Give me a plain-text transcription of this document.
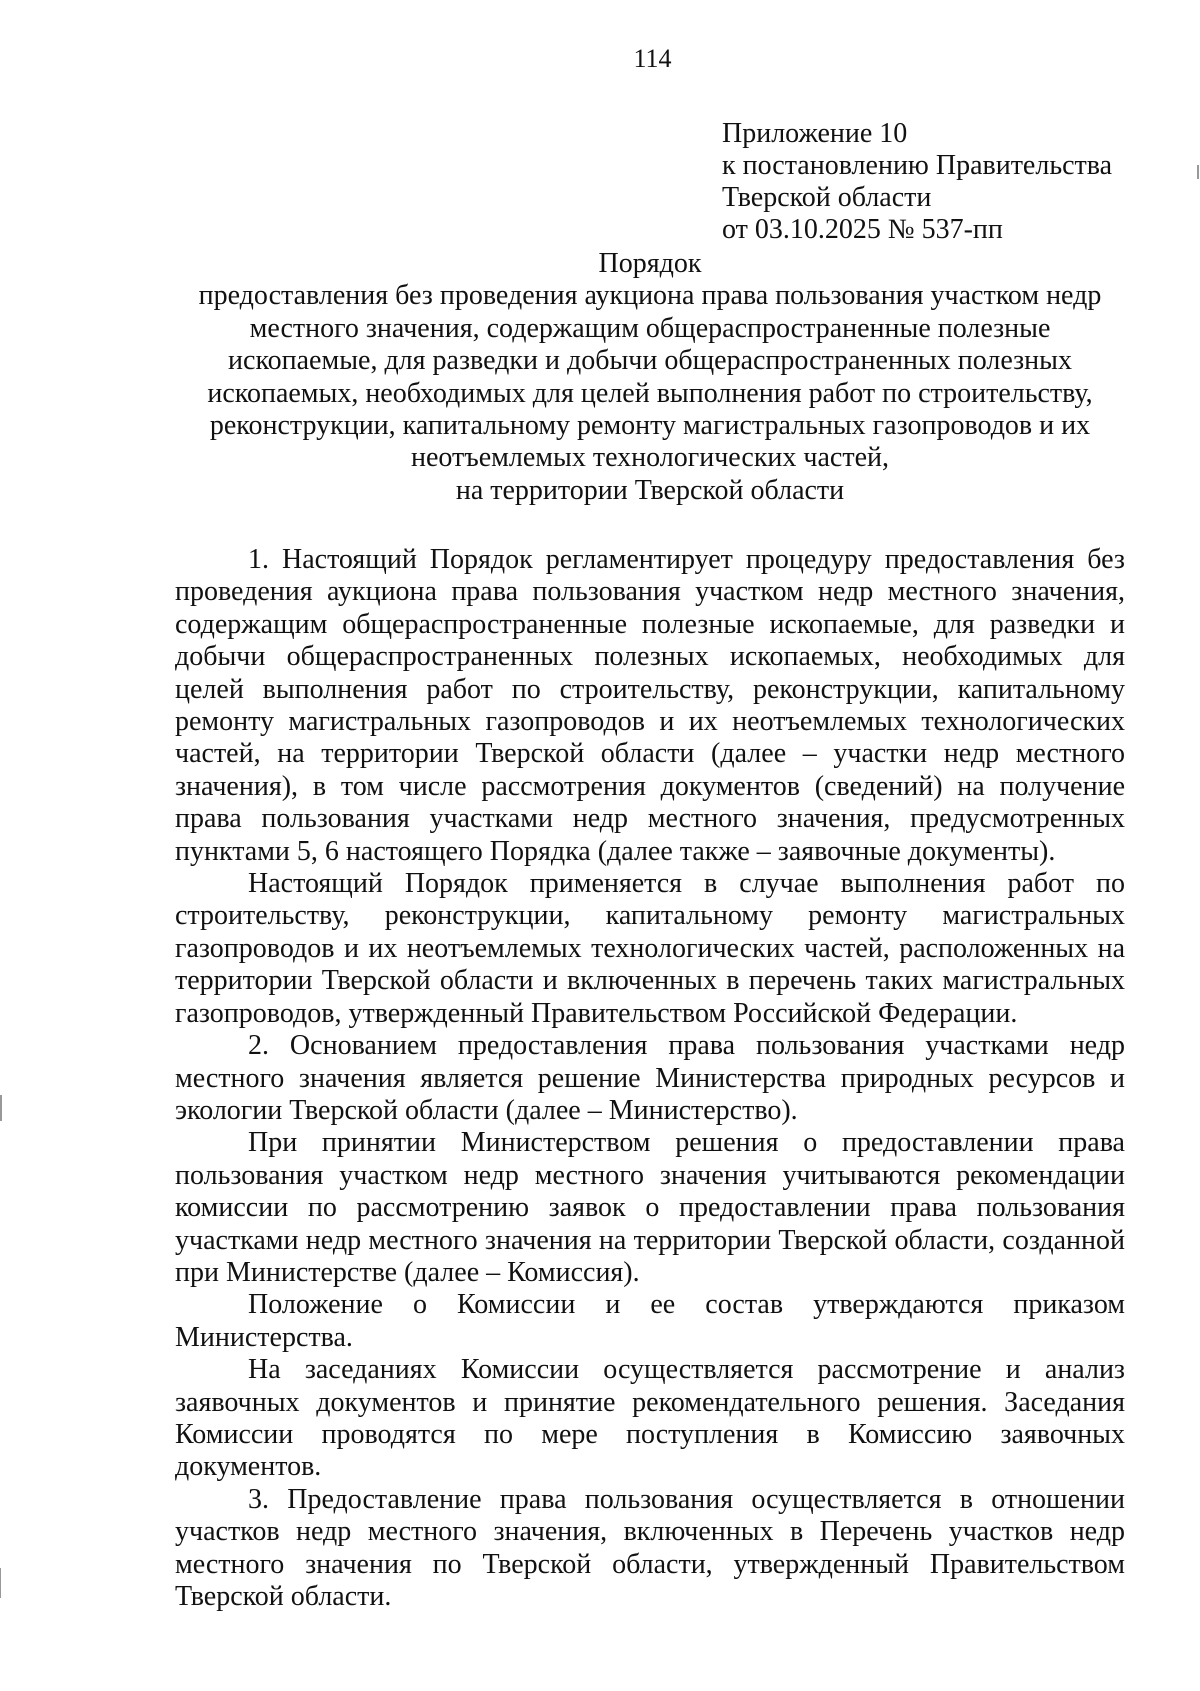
114
Приложение 10
к постановлению Правительства
Тверской области
от 03.10.2025 № 537-пп
Порядок
предоставления без проведения аукциона права пользования участком недр
местного значения, содержащим общераспространенные полезные
ископаемые, для разведки и добычи общераспространенных полезных
ископаемых, необходимых для целей выполнения работ по строительству,
реконструкции, капитальному ремонту магистральных газопроводов и их
неотъемлемых технологических частей,
на территории Тверской области

1. Настоящий Порядок регламентирует процедуру предоставления без проведения аукциона права пользования участком недр местного значения, содержащим общераспространенные полезные ископаемые, для разведки и добычи общераспространенных полезных ископаемых, необходимых для целей выполнения работ по строительству, реконструкции, капитальному ремонту магистральных газопроводов и их неотъемлемых технологических частей, на территории Тверской области (далее – участки недр местного значения), в том числе рассмотрения документов (сведений) на получение права пользования участками недр местного значения, предусмотренных пунктами 5, 6 настоящего Порядка (далее также – заявочные документы).

Настоящий Порядок применяется в случае выполнения работ по строительству, реконструкции, капитальному ремонту магистральных газопроводов и их неотъемлемых технологических частей, расположенных на территории Тверской области и включенных в перечень таких магистральных газопроводов, утвержденный Правительством Российской Федерации.

2. Основанием предоставления права пользования участками недр местного значения является решение Министерства природных ресурсов и экологии Тверской области (далее – Министерство).

При принятии Министерством решения о предоставлении права пользования участком недр местного значения учитываются рекомендации комиссии по рассмотрению заявок о предоставлении права пользования участками недр местного значения на территории Тверской области, созданной при Министерстве (далее – Комиссия).

Положение о Комиссии и ее состав утверждаются приказом Министерства.

На заседаниях Комиссии осуществляется рассмотрение и анализ заявочных документов и принятие рекомендательного решения. Заседания Комиссии проводятся по мере поступления в Комиссию заявочных документов.

3. Предоставление права пользования осуществляется в отношении участков недр местного значения, включенных в Перечень участков недр местного значения по Тверской области, утвержденный Правительством Тверской области.
